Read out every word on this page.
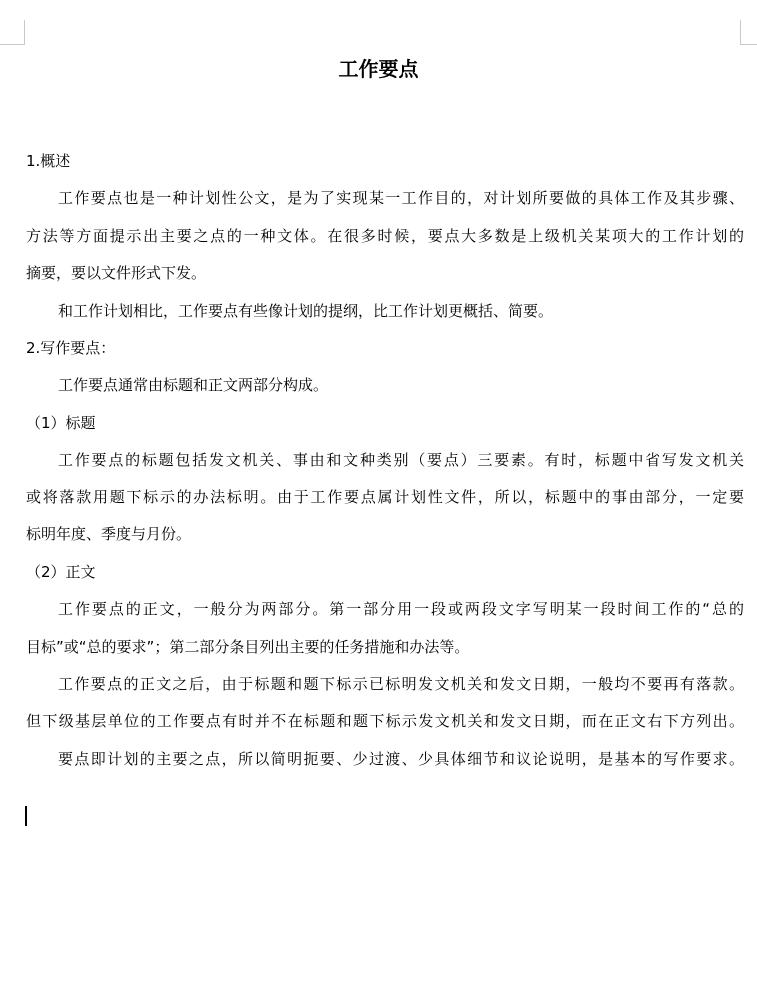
工作要点
1.概述
工作要点也是一种计划性公文，是为了实现某一工作目的，对计划所要做的具体工作及其步骤、
方法等方面提示出主要之点的一种文体。在很多时候，要点大多数是上级机关某项大的工作计划的
摘要，要以文件形式下发。
和工作计划相比，工作要点有些像计划的提纲，比工作计划更概括、简要。
2.写作要点：
工作要点通常由标题和正文两部分构成。
（1）标题
工作要点的标题包括发文机关、事由和文种类别（要点）三要素。有时，标题中省写发文机关
或将落款用题下标示的办法标明。由于工作要点属计划性文件，所以，标题中的事由部分，一定要
标明年度、季度与月份。
（2）正文
工作要点的正文，一般分为两部分。第一部分用一段或两段文字写明某一段时间工作的“总的
目标”或“总的要求”；第二部分条目列出主要的任务措施和办法等。
工作要点的正文之后，由于标题和题下标示已标明发文机关和发文日期，一般均不要再有落款。
但下级基层单位的工作要点有时并不在标题和题下标示发文机关和发文日期，而在正文右下方列出。
要点即计划的主要之点，所以简明扼要、少过渡、少具体细节和议论说明，是基本的写作要求。
